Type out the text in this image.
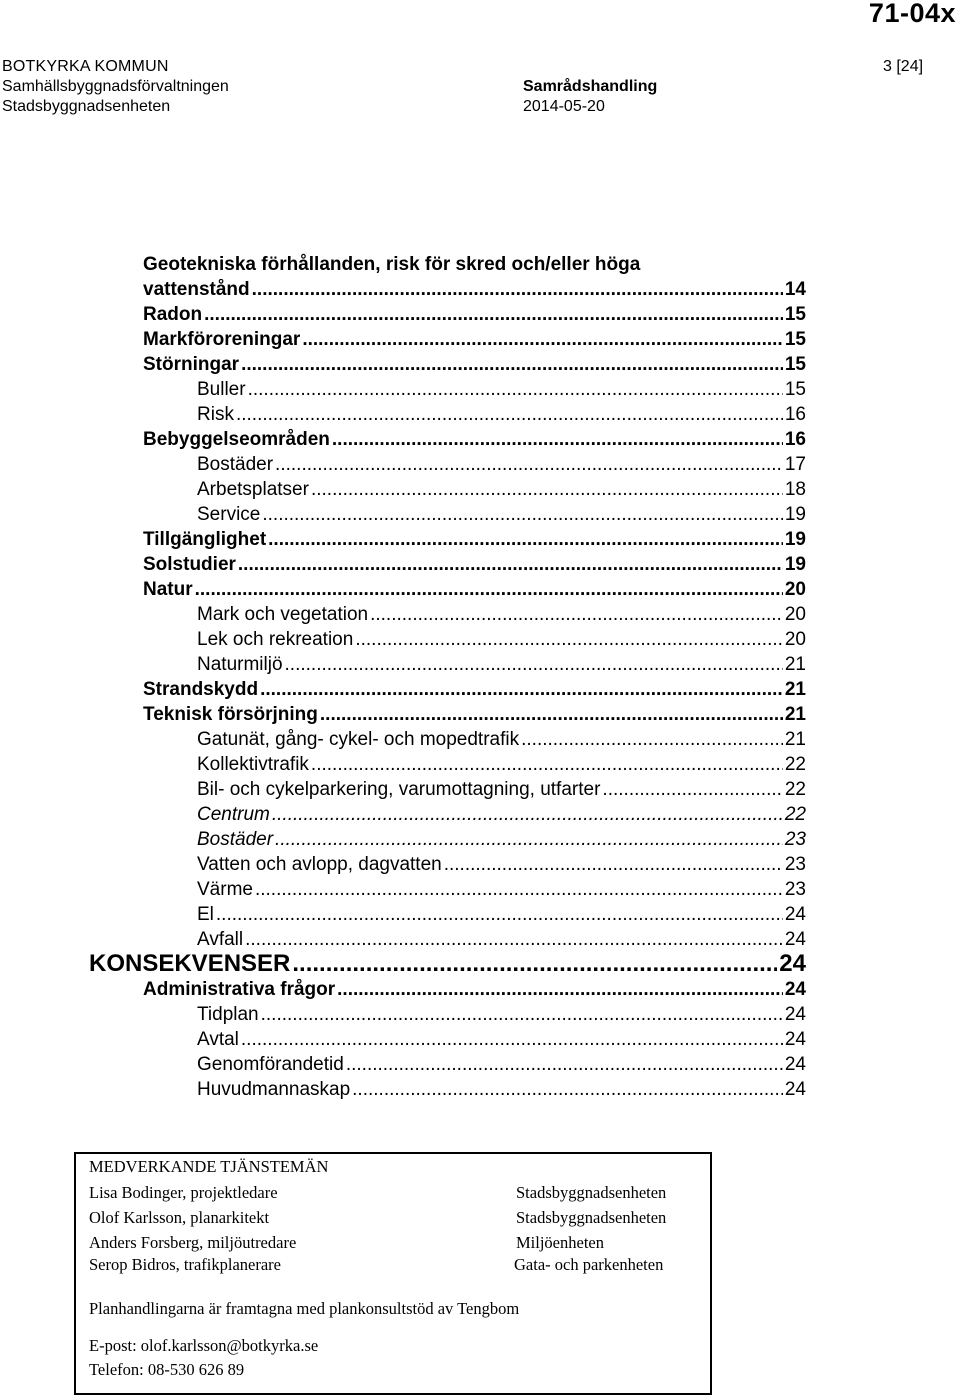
71-04x
BOTKYRKA KOMMUN
Samhällsbyggnadsförvaltningen
Stadsbyggnadsenheten
Samrådshandling
2014-05-20
3 [24]
Geotekniska förhållanden, risk för skred och/eller höga
vattenstånd .....	14
Radon .....	15
Markföroreningar .....	15
Störningar .....	15
Buller .....	15
Risk .....	16
Bebyggelseområden .....	16
Bostäder .....	17
Arbetsplatser .....	18
Service .....	19
Tillgänglighet .....	19
Solstudier .....	19
Natur .....	20
Mark och vegetation .....	20
Lek och rekreation .....	20
Naturmiljö .....	21
Strandskydd .....	21
Teknisk försörjning .....	21
Gatunät, gång- cykel- och mopedtrafik .....	21
Kollektivtrafik .....	22
Bil- och cykelparkering, varumottagning, utfarter .....	22
Centrum .....	22
Bostäder .....	23
Vatten och avlopp, dagvatten .....	23
Värme .....	23
El .....	24
Avfall .....	24
KONSEKVENSER .....	24
Administrativa frågor .....	24
Tidplan .....	24
Avtal .....	24
Genomförandetid .....	24
Huvudmannaskap .....	24
MEDVERKANDE TJÄNSTEMÄN
Lisa Bodinger, projektledare	Stadsbyggnadsenheten
Olof Karlsson, planarkitekt	Stadsbyggnadsenheten
Anders Forsberg, miljöutredare	Miljöenheten
Serop Bidros, trafikplanerare	Gata- och parkenheten
Planhandlingarna är framtagna med plankonsultstöd av Tengbom
E-post: olof.karlsson@botkyrka.se
Telefon: 08-530 626 89
